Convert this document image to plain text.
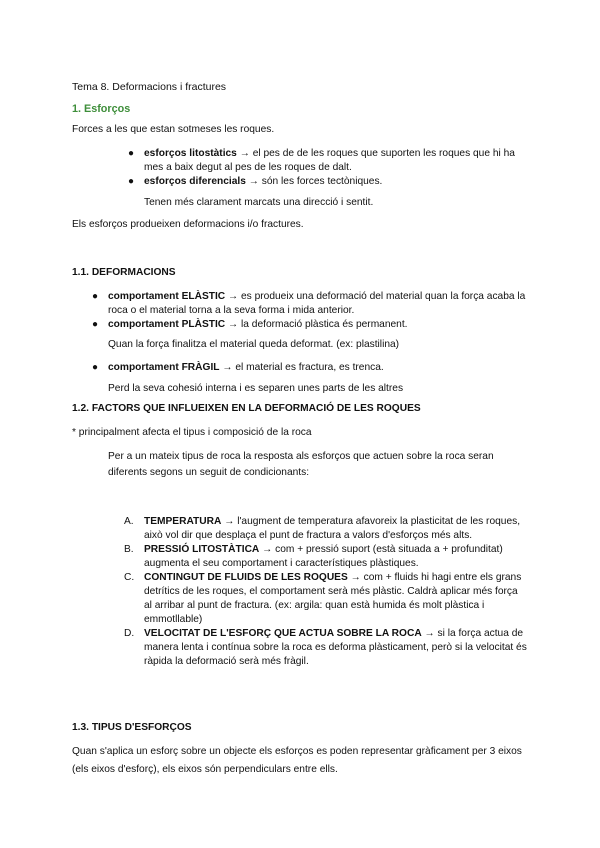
Tema 8. Deformacions i fractures
1. Esforços
Forces a les que estan sotmeses les roques.
● esforços litostàtics → el pes de de les roques que suporten les roques que hi ha mes a baix degut al pes de les roques de dalt.
● esforços diferencials → són les forces tectòniques.
Tenen més clarament marcats una direcció i sentit.
Els esforços produeixen deformacions i/o fractures.
1.1. DEFORMACIONS
● comportament ELÀSTIC → es produeix una deformació del material quan la força acaba la roca o el material torna a la seva forma i mida anterior.
● comportament PLÀSTIC → la deformació plàstica és permanent.
Quan la força finalitza el material queda deformat. (ex: plastilina)
● comportament FRÀGIL → el material es fractura, es trenca.
Perd la seva cohesió interna i es separen unes parts de les altres
1.2. FACTORS QUE INFLUEIXEN EN LA DEFORMACIÓ DE LES ROQUES
* principalment afecta el tipus i composició de la roca
Per a un mateix tipus de roca la resposta als esforços que actuen sobre la roca seran diferents segons un seguit de condicionants:
A. TEMPERATURA → l'augment de temperatura afavoreix la plasticitat de les roques, això vol dir que desplaça el punt de fractura a valors d'esforços més alts.
B. PRESSIÓ LITOSTÀTICA → com + pressió suport (està situada a + profunditat) augmenta el seu comportament i característiques plàstiques.
C. CONTINGUT DE FLUIDS DE LES ROQUES → com + fluids hi hagi entre els grans detrítics de les roques, el comportament serà més plàstic. Caldrà aplicar més força al arribar al punt de fractura. (ex: argila: quan està humida és molt plàstica i emmotllable)
D. VELOCITAT DE L'ESFORÇ QUE ACTUA SOBRE LA ROCA → si la força actua de manera lenta i contínua sobre la roca es deforma plàsticament, però si la velocitat és ràpida la deformació serà més fràgil.
1.3. TIPUS D'ESFORÇOS
Quan s'aplica un esforç sobre un objecte els esforços es poden representar gràficament per 3 eixos (els eixos d'esforç), els eixos són perpendiculars entre ells.
